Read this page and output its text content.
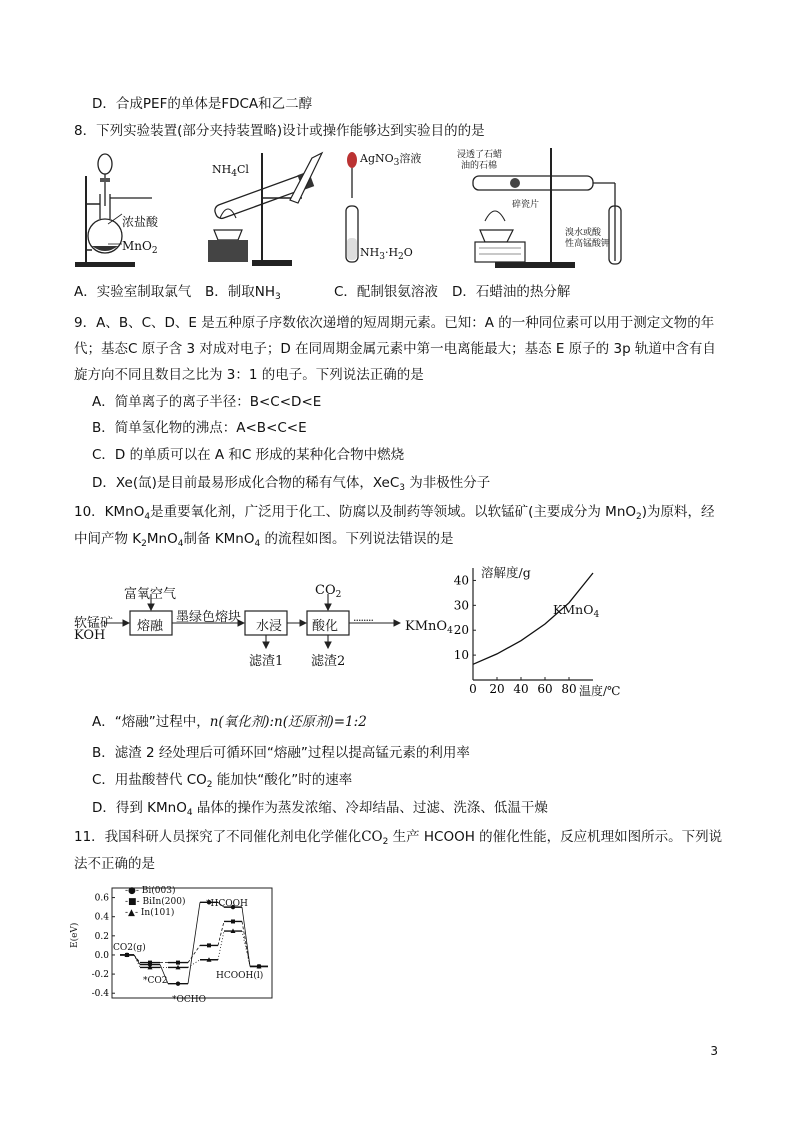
D．合成PEF的单体是FDCA和乙二醇
8．下列实验装置(部分夹持装置略)设计或操作能够达到实验目的的是
浓盐酸
MnO$_2$
$NH_4Cl$
AgNO$_3$溶液
$NH_3\cdot H_2O$
浸透了石蜡
油的石棉
碎瓷片
溴水或酸
性高锰酸钾
A．实验室制取氯气 B．制取$NH_3$	C．配制银氨溶液 D．石蜡油的热分解
9．A、B、C、D、E 是五种原子序数依次递增的短周期元素。已知：A 的一种同位素可以用于测定文物的年
代；基态C 原子含 3 对成对电子；D 在同周期金属元素中第一电离能最大；基态 E 原子的 3p 轨道中含有自
旋方向不同且数目之比为 3：1 的电子。下列说法正确的是
A．简单离子的离子半径：B<C<D<E
B．简单氢化物的沸点：A<B<C<E
C．D 的单质可以在 A 和C 形成的某种化合物中燃烧
D．Xe(氙)是目前最易形成化合物的稀有气体，XeC$_3$ 为非极性分子
10．KMnO$_4$是重要氧化剂，广泛用于化工、防腐以及制药等领域。以软锰矿(主要成分为 MnO$_2$)为原料，经
中间产物 $K_2MnO_4$制备 KMnO$_4$ 的流程如图。下列说法错误的是
软锰矿
KOH
富氧空气
熔融
墨绿色熔块
水浸
滤渣1
$CO_2$
酸化
滤渣2
········ KMnO$_4$
0 20 40 60 80
10
20
30
40
溶解度/g
温度/℃
KMnO$_4$
A．“熔融”过程中，n(氧化剂):n(还原剂)=1:2
B．滤渣 2 经处理后可循环回“熔融”过程以提高锰元素的利用率
C．用盐酸替代 $CO_2$ 能加快“酸化”时的速率
D．得到 KMnO$_4$ 晶体的操作为蒸发浓缩、冷却结晶、过滤、洗涤、低温干燥
11．我国科研人员探究了不同催化剂电化学催化$CO_2$ 生产 HCOOH 的催化性能，反应机理如图所示。下列说
法不正确的是
0.6
0.4
0.2
0.0
-0.2
-0.4
E(eV)
-●- Bi(003)
-■- BiIn(200)
-▲- In(101)
CO2(g)
*CO2
*OCHO
*HCOOH
HCOOH(l)
3
